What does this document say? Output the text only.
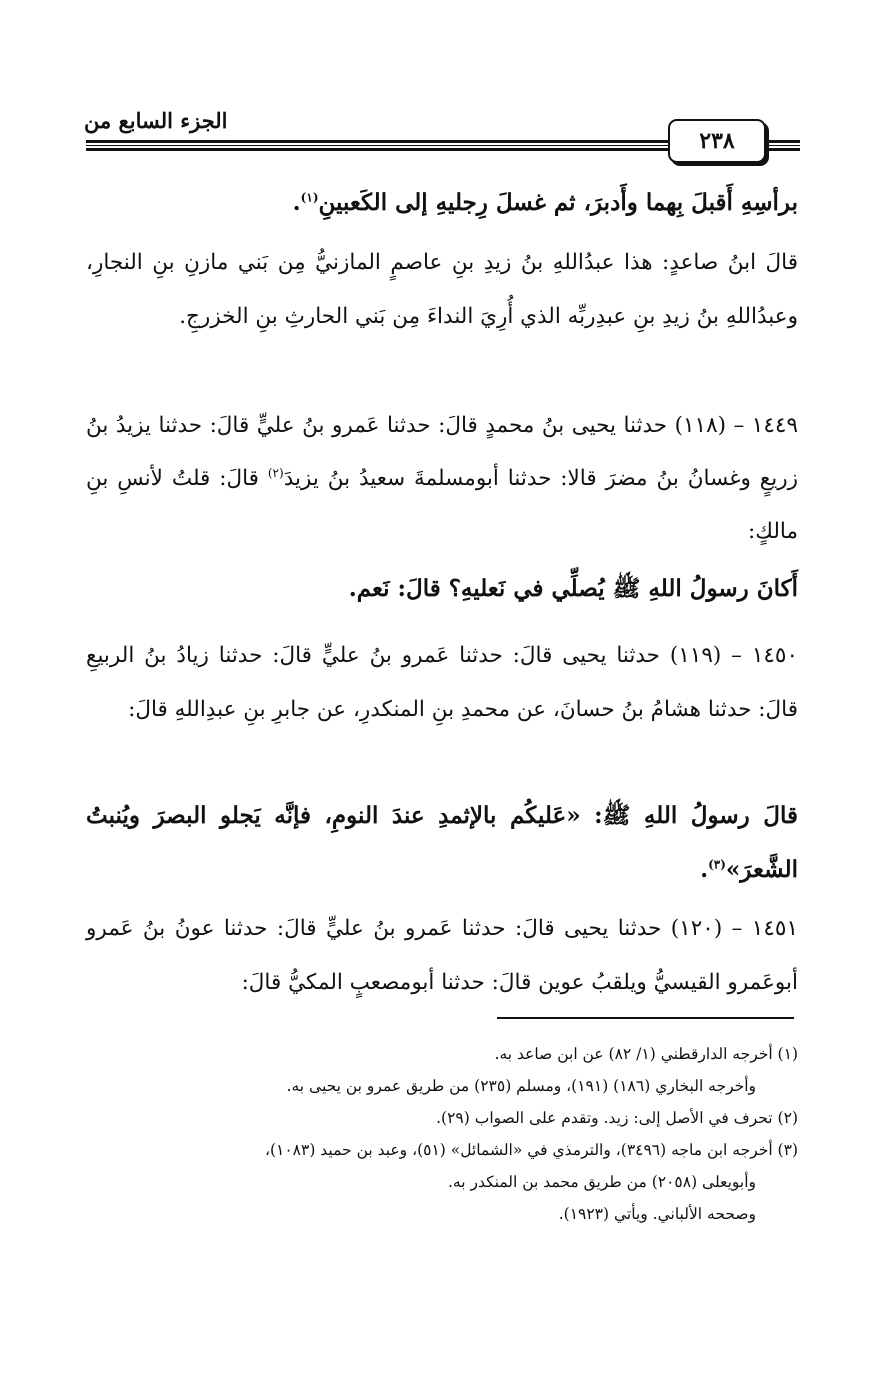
الجزء السابع من
٢٣٨

برأسِهِ أَقبلَ بِهما وأَدبرَ، ثم غسلَ رِجليهِ إلى الكَعبينِ$^{(١)}$.

قالَ ابنُ صاعدٍ: هذا عبدُاللهِ بنُ زيدِ بنِ عاصمٍ المازنيُّ مِن بَني مازنِ بنِ النجارِ، وعبدُاللهِ بنُ زيدِ بنِ عبدِربِّه الذي أُرِيَ النداءَ مِن بَني الحارثِ بنِ الخزرجِ.

١٤٤٩ – (١١٨) حدثنا يحيى بنُ محمدٍ قالَ: حدثنا عَمرو بنُ عليٍّ قالَ: حدثنا يزيدُ بنُ زريعٍ وغسانُ بنُ مضرَ قالا: حدثنا أبومسلمةَ سعيدُ بنُ يزيدَ$^{(٢)}$ قالَ: قلتُ لأنسِ بنِ مالكٍ:

أَكانَ رسولُ اللهِ ﷺ يُصلِّي في نَعليهِ؟ قالَ: نَعم.

١٤٥٠ – (١١٩) حدثنا يحيى قالَ: حدثنا عَمرو بنُ عليٍّ قالَ: حدثنا زيادُ بنُ الربيعِ قالَ: حدثنا هشامُ بنُ حسانَ، عن محمدِ بنِ المنكدرِ، عن جابرِ بنِ عبدِاللهِ قالَ:

قالَ رسولُ اللهِ ﷺ: «عَليكُم بالإثمدِ عندَ النومِ، فإنَّه يَجلو البصرَ ويُنبتُ الشَّعرَ»$^{(٣)}$.

١٤٥١ – (١٢٠) حدثنا يحيى قالَ: حدثنا عَمرو بنُ عليٍّ قالَ: حدثنا عونُ بنُ عَمرو أبوعَمرو القيسيُّ ويلقبُ عوين قالَ: حدثنا أبومصعبٍ المكيُّ قالَ:

(١) أخرجه الدارقطني (١/ ٨٢) عن ابن صاعد به.

وأخرجه البخاري (١٨٦) (١٩١)، ومسلم (٢٣٥) من طريق عمرو بن يحيى به.

(٢) تحرف في الأصل إلى: زيد. وتقدم على الصواب (٢٩).

(٣) أخرجه ابن ماجه (٣٤٩٦)، والترمذي في «الشمائل» (٥١)، وعبد بن حميد (١٠٨٣)،

وأبويعلى (٢٠٥٨) من طريق محمد بن المنكدر به.

وصححه الألباني. ويأتي (١٩٢٣).
